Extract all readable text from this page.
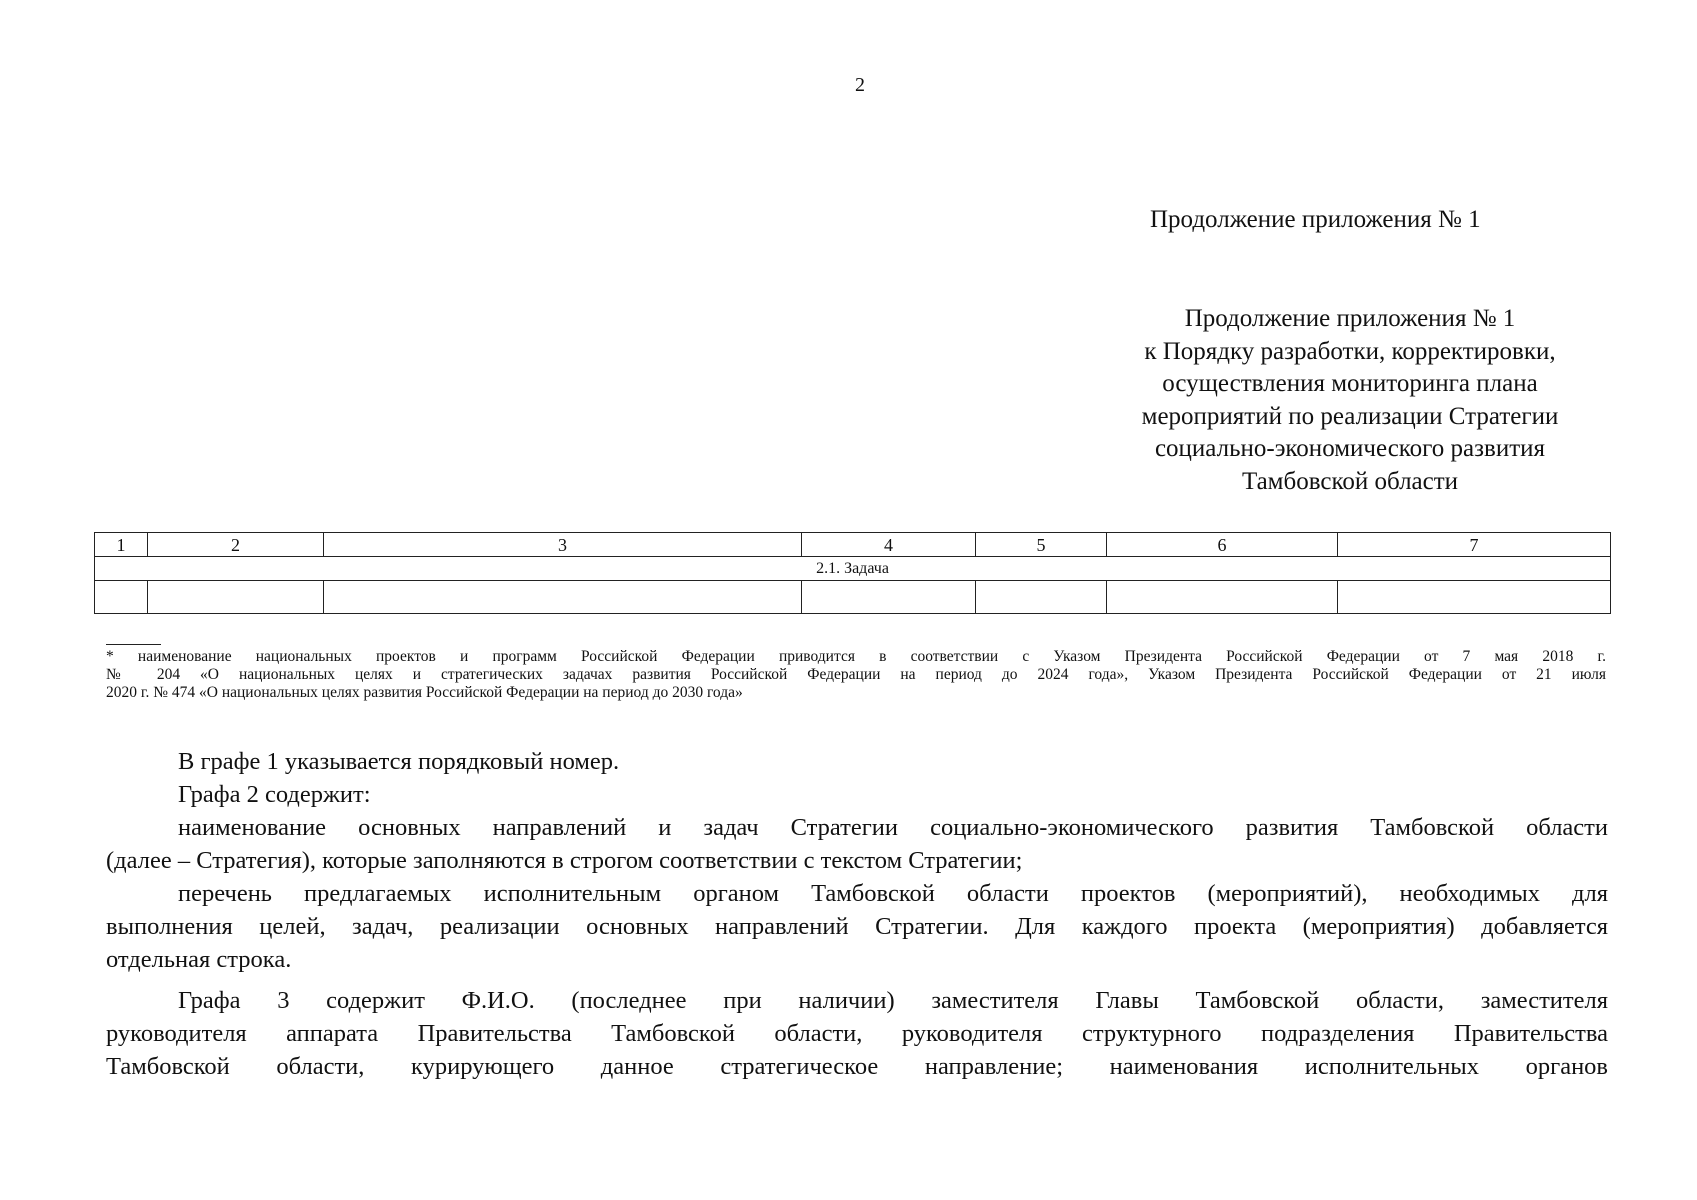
2
Продолжение приложения № 1
Продолжение приложения № 1
к Порядку разработки, корректировки,
осуществления мониторинга плана
мероприятий по реализации Стратегии
социально-экономического развития
Тамбовской области
1	2	3	4	5	6	7
2.1. Задача						

* наименование национальных проектов и программ Российской Федерации приводится в соответствии с Указом Президента Российской Федерации от 7 мая 2018 г.
№ 204 «О национальных целях и стратегических задачах развития Российской Федерации на период до 2024 года», Указом Президента Российской Федерации от 21 июля
2020 г. № 474 «О национальных целях развития Российской Федерации на период до 2030 года»
В графе 1 указывается порядковый номер.
Графа 2 содержит:
наименование основных направлений и задач Стратегии социально-экономического развития Тамбовской области
(далее – Стратегия), которые заполняются в строгом соответствии с текстом Стратегии;
перечень предлагаемых исполнительным органом Тамбовской области проектов (мероприятий), необходимых для
выполнения целей, задач, реализации основных направлений Стратегии. Для каждого проекта (мероприятия) добавляется
отдельная строка.
Графа 3 содержит Ф.И.О. (последнее при наличии) заместителя Главы Тамбовской области, заместителя
руководителя аппарата Правительства Тамбовской области, руководителя структурного подразделения Правительства
Тамбовской области, курирующего данное стратегическое направление; наименования исполнительных органов
